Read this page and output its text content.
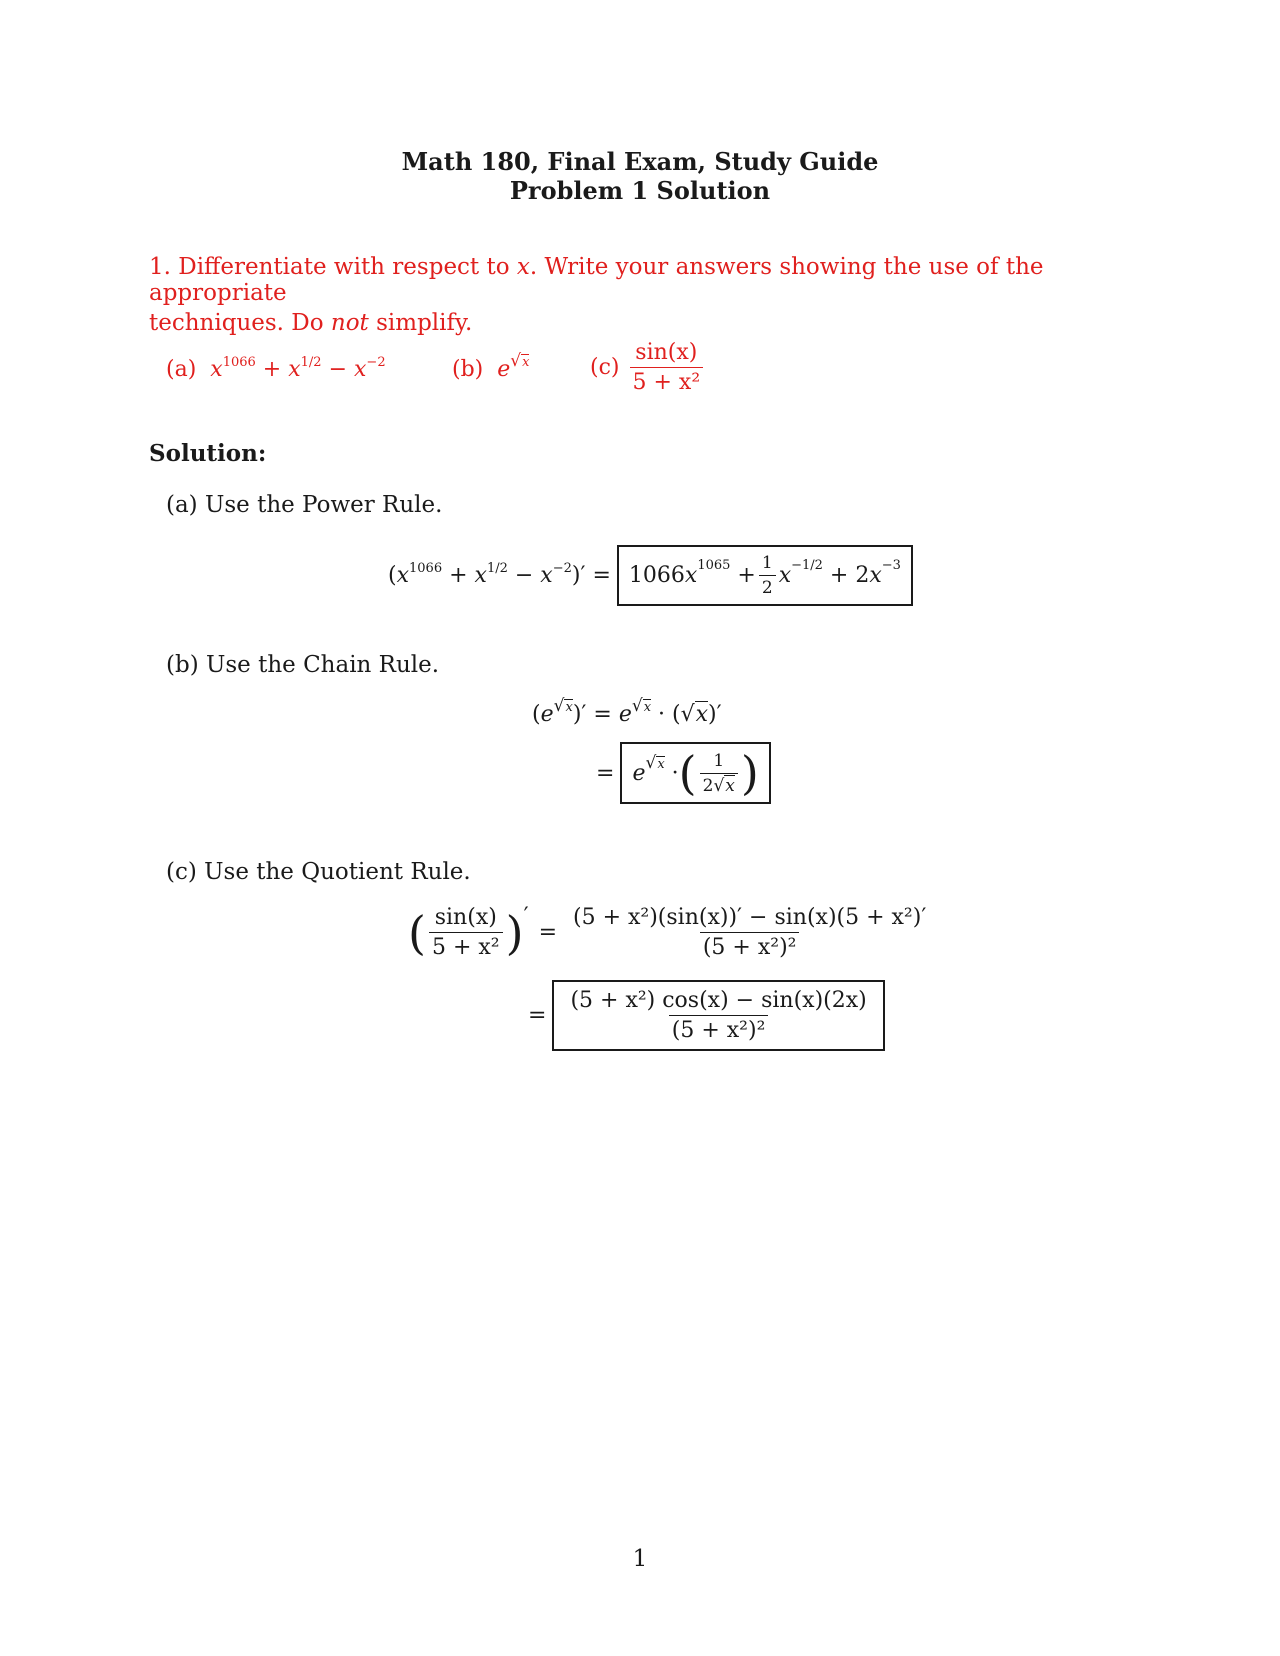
Math 180, Final Exam, Study Guide
Problem 1 Solution
1. Differentiate with respect to x. Write your answers showing the use of the appropriate
techniques. Do not simplify.
(a) $x^{1066} + x^{1/2} - x^{-2}$	(b) $e^{√x}$	(c)
$\frac{\sin(x)}{\text{5 + x²}}$
Solution:
(a) Use the Power Rule.
$(x^{1066} + x^{1/2} - x^{-2})' = 1066$ $x^{1065} + \frac{1}{2} x^{-1/2} + 2$ $x^{-3}$
(b) Use the Chain Rule.
$(e^{√x})' = e^{√x} \cdot (√x)'$
= e $^{√x}$ · ( $\frac{1}{2√x}$ )
(c) Use the Quotient Rule.
( $\frac{\sin(x)}{\text{5 + x²}}$ ) ′
= $\frac{\text{(5 + x²)(sin(x))′ − sin(x)(5 + x²)′}}{\text{(5 + x²)²}}$
= $\frac{\text{(5 + x²) cos(x) − sin(x)(2x)}}{\text{(5 + x²)²}}$
1
